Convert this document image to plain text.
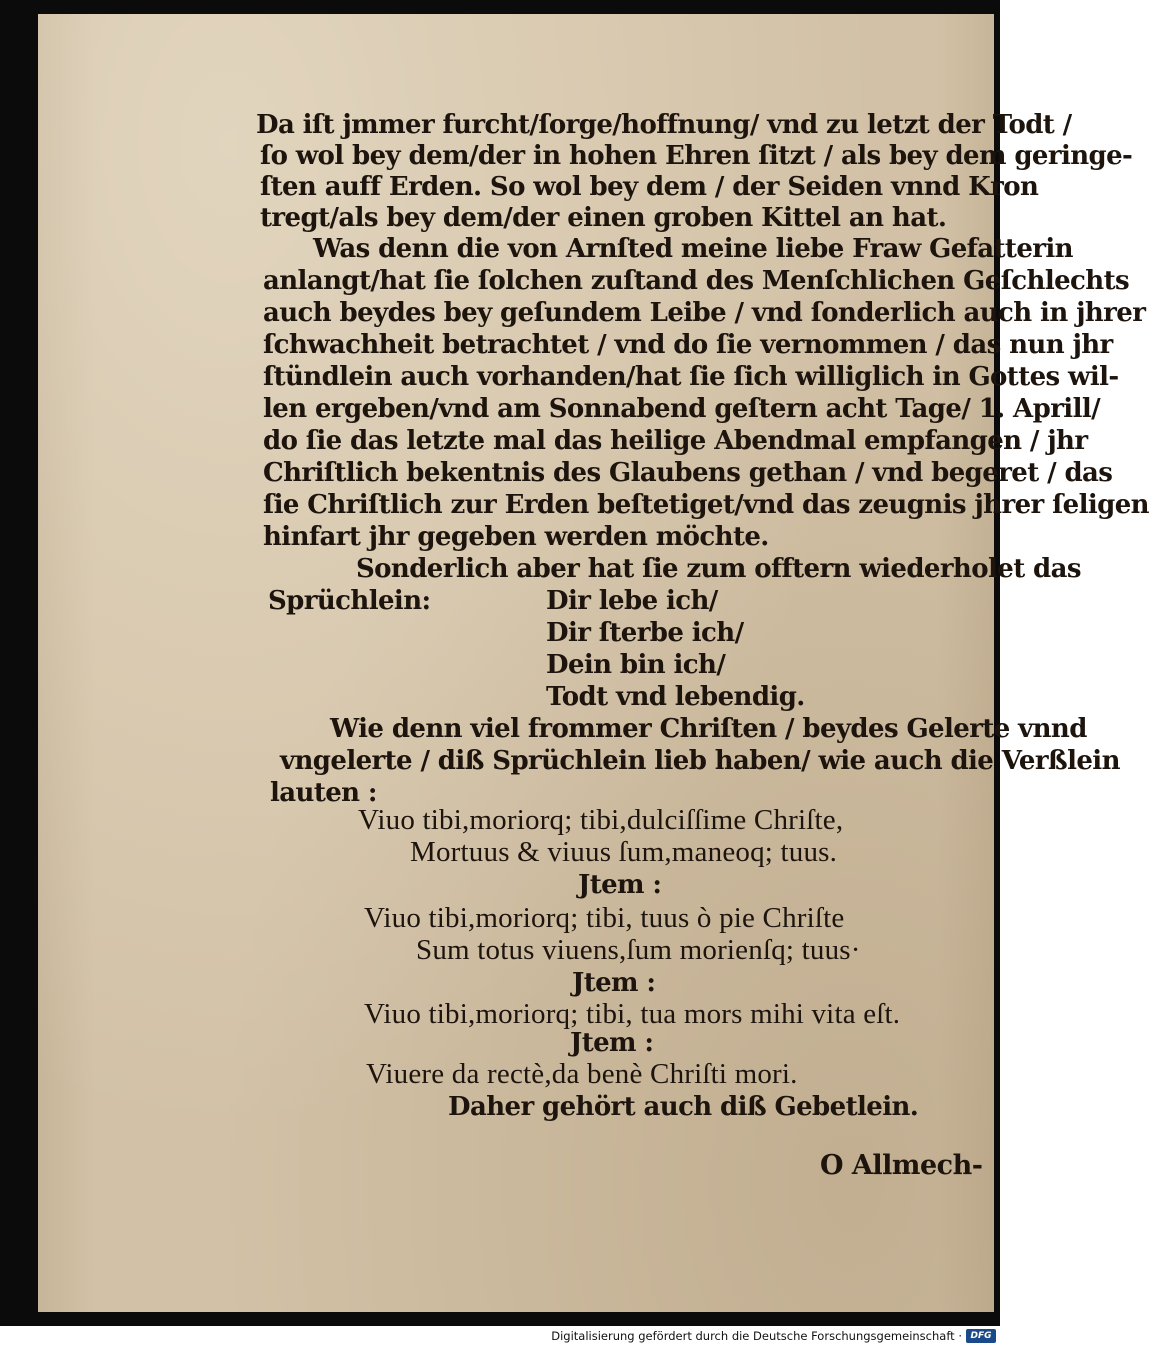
Da iſt jmmer furcht/ſorge/hoffnung/ vnd zu letzt der Todt /
ſo wol bey dem/der in hohen Ehren ſitzt / als bey dem geringe-
ſten auff Erden. So wol bey dem / der Seiden vnnd Kron
tregt/als bey dem/der einen groben Kittel an hat.
Was denn die von Arnſted meine liebe Fraw Gefatterin
anlangt/hat ſie ſolchen zuſtand des Menſchlichen Geſchlechts
auch beydes bey geſundem Leibe / vnd ſonderlich auch in jhrer
ſchwachheit betrachtet / vnd do ſie vernommen / das nun jhr
ſtündlein auch vorhanden/hat ſie ſich williglich in Gottes wil-
len ergeben/vnd am Sonnabend geſtern acht Tage/ 1. Aprill/
do ſie das letzte mal das heilige Abendmal empfangen / jhr
Chriſtlich bekentnis des Glaubens gethan / vnd begeret / das
ſie Chriſtlich zur Erden beſtetiget/vnd das zeugnis jhrer ſeligen
hinfart jhr gegeben werden möchte.
Sonderlich aber hat ſie zum offtern wiederholet das
Sprüchlein:	Dir lebe ich/
Dir ſterbe ich/
Dein bin ich/
Todt vnd lebendig.
Wie denn viel frommer Chriſten / beydes Gelerte vnnd
vngelerte / diß Sprüchlein lieb haben/ wie auch die Verßlein
lauten :
Viuo tibi,moriorq; tibi,dulciſſime Chriſte,
Mortuus & viuus ſum,maneoq; tuus.
Jtem :
Viuo tibi,moriorq; tibi, tuus ò pie Chriſte
Sum totus viuens,ſum morienſq; tuus·
Jtem :
Viuo tibi,moriorq; tibi, tua mors mihi vita eſt.
Jtem :
Viuere da rectè,da benè Chriſti mori.
Daher gehört auch diß Gebetlein.
O Allmech-
Digitalisierung gefördert durch die Deutsche Forschungsgemeinschaft · DFG
